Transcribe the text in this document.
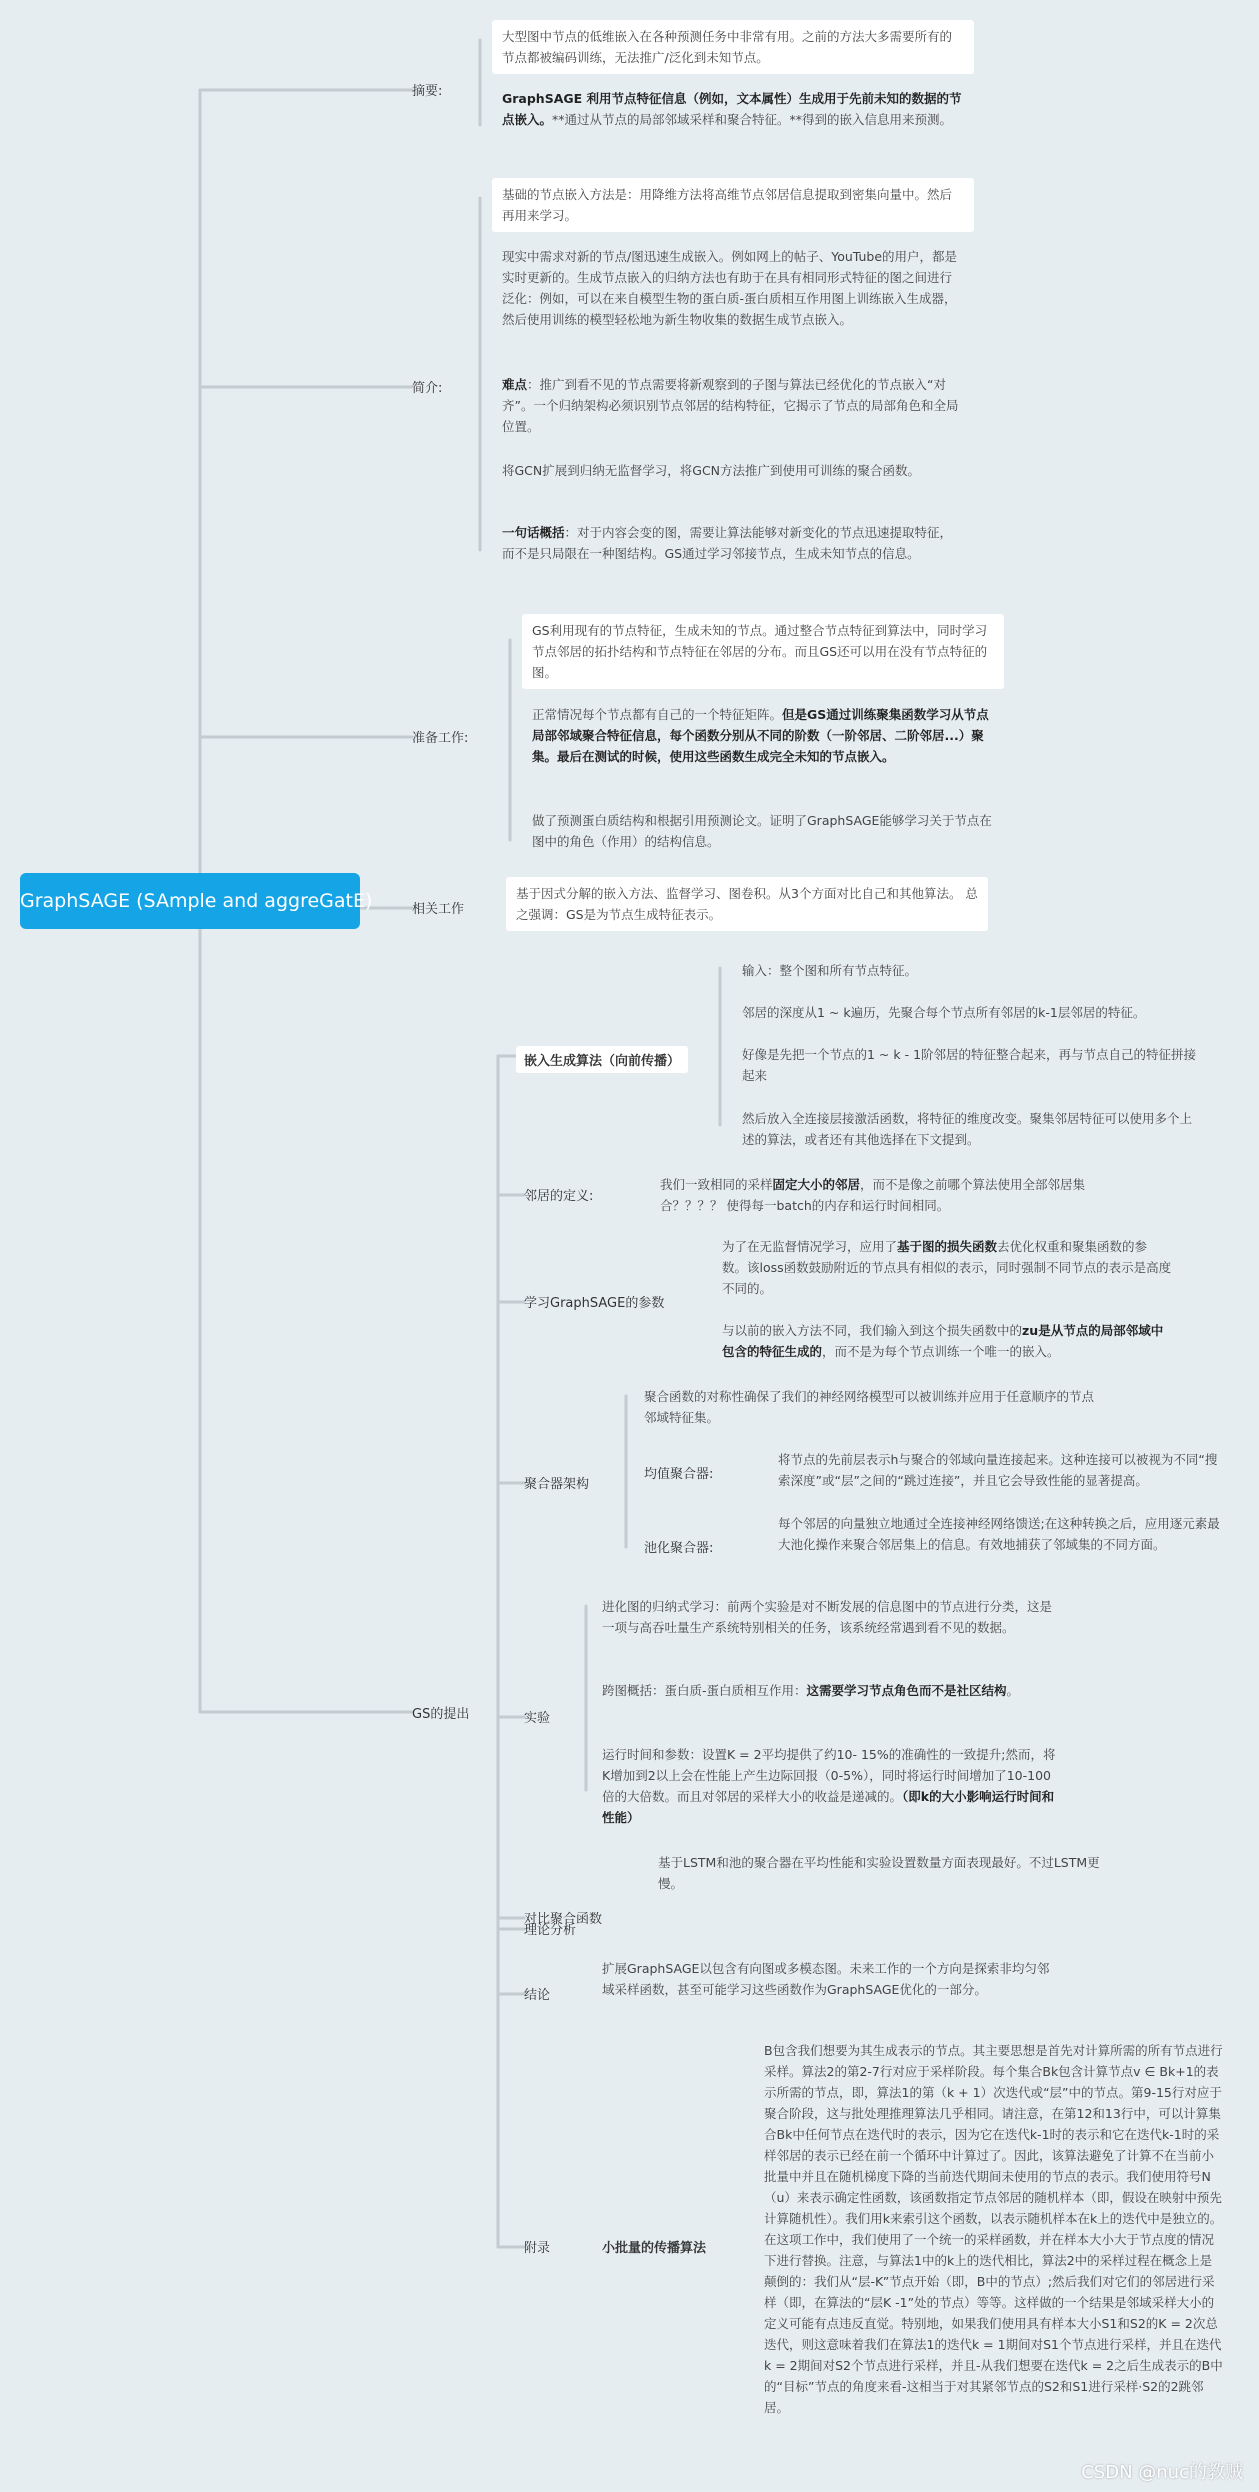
GraphSAGE (SAmple and aggreGatE)
摘要:
大型图中节点的低维嵌入在各种预测任务中非常有用。之前的方法大多需要所有的节点都被编码训练，无法推广/泛化到未知节点。
GraphSAGE 利用节点特征信息（例如，文本属性）生成用于先前未知的数据的节点嵌入。**通过从节点的局部邻域采样和聚合特征。**得到的嵌入信息用来预测。
简介:
基础的节点嵌入方法是：用降维方法将高维节点邻居信息提取到密集向量中。然后再用来学习。
现实中需求对新的节点/图迅速生成嵌入。例如网上的帖子、YouTube的用户，都是实时更新的。生成节点嵌入的归纳方法也有助于在具有相同形式特征的图之间进行泛化：例如，可以在来自模型生物的蛋白质-蛋白质相互作用图上训练嵌入生成器，然后使用训练的模型轻松地为新生物收集的数据生成节点嵌入。
难点：推广到看不见的节点需要将新观察到的子图与算法已经优化的节点嵌入“对齐”。一个归纳架构必须识别节点邻居的结构特征，它揭示了节点的局部角色和全局位置。
将GCN扩展到归纳无监督学习，将GCN方法推广到使用可训练的聚合函数。
一句话概括：对于内容会变的图，需要让算法能够对新变化的节点迅速提取特征，而不是只局限在一种图结构。GS通过学习邻接节点，生成未知节点的信息。
准备工作:
GS利用现有的节点特征，生成未知的节点。通过整合节点特征到算法中，同时学习节点邻居的拓扑结构和节点特征在邻居的分布。而且GS还可以用在没有节点特征的图。
正常情况每个节点都有自己的一个特征矩阵。但是GS通过训练聚集函数学习从节点局部邻域聚合特征信息，每个函数分别从不同的阶数（一阶邻居、二阶邻居...）聚集。最后在测试的时候，使用这些函数生成完全未知的节点嵌入。
做了预测蛋白质结构和根据引用预测论文。证明了GraphSAGE能够学习关于节点在图中的角色（作用）的结构信息。
相关工作
基于因式分解的嵌入方法、监督学习、图卷积。从3个方面对比自己和其他算法。 总之强调：GS是为节点生成特征表示。
GS的提出
嵌入生成算法（向前传播）
输入：整个图和所有节点特征。
邻居的深度从1 ~ k遍历，先聚合每个节点所有邻居的k-1层邻居的特征。
好像是先把一个节点的1 ~ k - 1阶邻居的特征整合起来，再与节点自己的特征拼接起来
然后放入全连接层接激活函数，将特征的维度改变。聚集邻居特征可以使用多个上述的算法，或者还有其他选择在下文提到。
邻居的定义:
我们一致相同的采样固定大小的邻居，而不是像之前哪个算法使用全部邻居集合？？？？ 使得每一batch的内存和运行时间相同。
学习GraphSAGE的参数
为了在无监督情况学习，应用了基于图的损失函数去优化权重和聚集函数的参数。该loss函数鼓励附近的节点具有相似的表示，同时强制不同节点的表示是高度不同的。
与以前的嵌入方法不同，我们输入到这个损失函数中的zu是从节点的局部邻域中包含的特征生成的，而不是为每个节点训练一个唯一的嵌入。
聚合器架构
聚合函数的对称性确保了我们的神经网络模型可以被训练并应用于任意顺序的节点邻域特征集。
均值聚合器:
将节点的先前层表示h与聚合的邻域向量连接起来。这种连接可以被视为不同“搜索深度”或“层”之间的“跳过连接”，并且它会导致性能的显著提高。
池化聚合器:
每个邻居的向量独立地通过全连接神经网络馈送;在这种转换之后，应用逐元素最大池化操作来聚合邻居集上的信息。有效地捕获了邻域集的不同方面。
实验
进化图的归纳式学习：前两个实验是对不断发展的信息图中的节点进行分类，这是一项与高吞吐量生产系统特别相关的任务，该系统经常遇到看不见的数据。
跨图概括：蛋白质-蛋白质相互作用：这需要学习节点角色而不是社区结构。
运行时间和参数：设置K = 2平均提供了约10- 15%的准确性的一致提升;然而，将K增加到2以上会在性能上产生边际回报（0-5%），同时将运行时间增加了10-100倍的大倍数。而且对邻居的采样大小的收益是递减的。（即k的大小影响运行时间和性能）
对比聚合函数
基于LSTM和池的聚合器在平均性能和实验设置数量方面表现最好。不过LSTM更慢。
理论分析
结论
扩展GraphSAGE以包含有向图或多模态图。未来工作的一个方向是探索非均匀邻域采样函数，甚至可能学习这些函数作为GraphSAGE优化的一部分。
附录	小批量的传播算法
B包含我们想要为其生成表示的节点。其主要思想是首先对计算所需的所有节点进行采样。算法2的第2-7行对应于采样阶段。每个集合Bk包含计算节点v ∈ Bk+1的表示所需的节点，即，算法1的第（k + 1）次迭代或“层”中的节点。第9-15行对应于聚合阶段，这与批处理推理算法几乎相同。请注意，在第12和13行中，可以计算集合Bk中任何节点在迭代时的表示，因为它在迭代k-1时的表示和它在迭代k-1时的采样邻居的表示已经在前一个循环中计算过了。因此，该算法避免了计算不在当前小批量中并且在随机梯度下降的当前迭代期间未使用的节点的表示。我们使用符号N（u）来表示确定性函数，该函数指定节点邻居的随机样本（即，假设在映射中预先计算随机性）。我们用k来索引这个函数，以表示随机样本在k上的迭代中是独立的。在这项工作中，我们使用了一个统一的采样函数，并在样本大小大于节点度的情况下进行替换。注意，与算法1中的k上的迭代相比，算法2中的采样过程在概念上是颠倒的：我们从“层-K”节点开始（即，B中的节点）;然后我们对它们的邻居进行采样（即，在算法的“层K -1”处的节点）等等。这样做的一个结果是邻域采样大小的定义可能有点违反直觉。特别地，如果我们使用具有样本大小S1和S2的K = 2次总迭代，则这意味着我们在算法1的迭代k = 1期间对S1个节点进行采样，并且在迭代k = 2期间对S2个节点进行采样，并且-从我们想要在迭代k = 2之后生成表示的B中的“目标”节点的角度来看-这相当于对其紧邻节点的S2和S1进行采样·S2的2跳邻居。
CSDN @nuc的教贼
